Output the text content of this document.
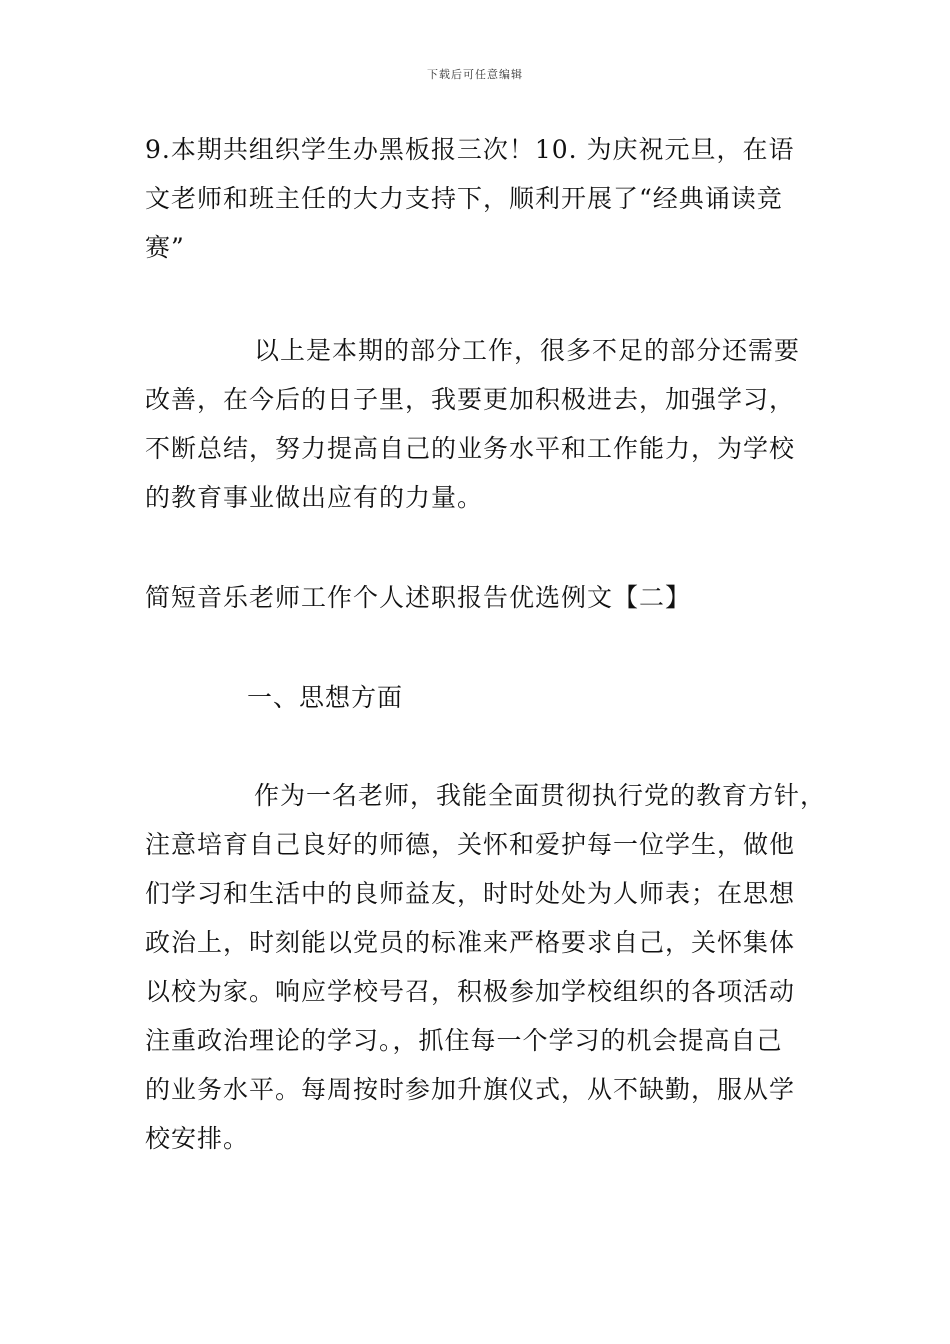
下载后可任意编辑
9.本期共组织学生办黑板报三次！10. 为庆祝元旦，在语
文老师和班主任的大力支持下，顺利开展了“经典诵读竞
赛”
以上是本期的部分工作，很多不足的部分还需要
改善，在今后的日子里，我要更加积极进去，加强学习，
不断总结，努力提高自己的业务水平和工作能力，为学校
的教育事业做出应有的力量。
简短音乐老师工作个人述职报告优选例文【二】
一、思想方面
作为一名老师，我能全面贯彻执行党的教育方针，
注意培育自己良好的师德，关怀和爱护每一位学生，做他
们学习和生活中的良师益友，时时处处为人师表；在思想
政治上，时刻能以党员的标准来严格要求自己，关怀集体
以校为家。响应学校号召，积极参加学校组织的各项活动
注重政治理论的学习。，抓住每一个学习的机会提高自己
的业务水平。每周按时参加升旗仪式，从不缺勤，服从学
校安排。
